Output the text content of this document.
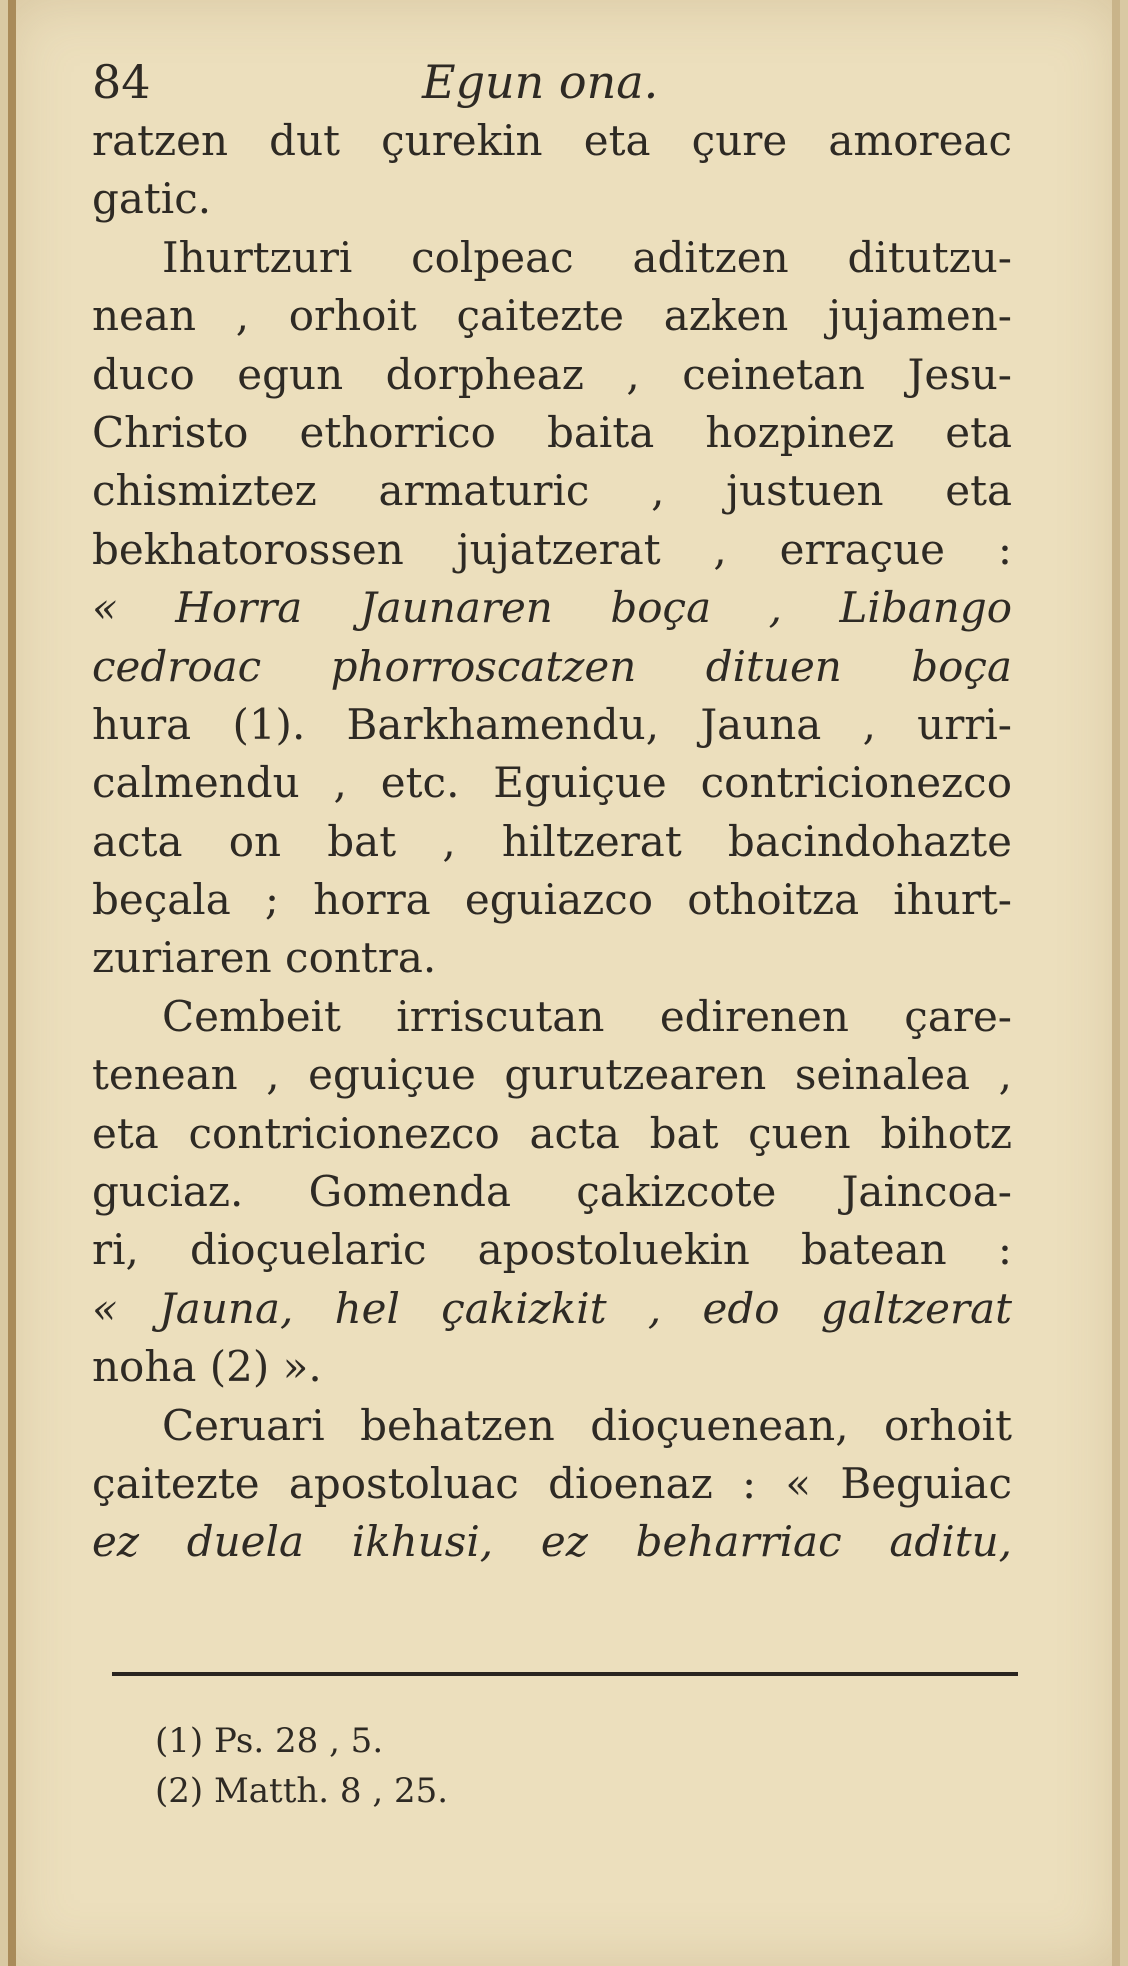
84	Egun ona.
ratzen dut çurekin eta çure amoreac
gatic.
Ihurtzuri colpeac aditzen ditutzu-
nean , orhoit çaitezte azken jujamen-
duco egun dorpheaz , ceinetan Jesu-
Christo ethorrico baita hozpinez eta
chismiztez armaturic , justuen eta
bekhatorossen jujatzerat , erraçue :
« Horra Jaunaren boça , Libango
cedroac phorroscatzen dituen boça
hura (1). Barkhamendu, Jauna , urri-
calmendu , etc. Eguiçue contricionezco
acta on bat , hiltzerat bacindohazte
beçala ; horra eguiazco othoitza ihurt-
zuriaren contra.
Cembeit irriscutan edirenen çare-
tenean , eguiçue gurutzearen seinalea ,
eta contricionezco acta bat çuen bihotz
guciaz. Gomenda çakizcote Jaincoa-
ri, dioçuelaric apostoluekin batean :
« Jauna, hel çakizkit , edo galtzerat
noha (2) ».
Ceruari behatzen dioçuenean, orhoit
çaitezte apostoluac dioenaz : « Beguiac
ez duela ikhusi, ez beharriac aditu,
(1) Ps. 28 , 5.
(2) Matth. 8 , 25.
